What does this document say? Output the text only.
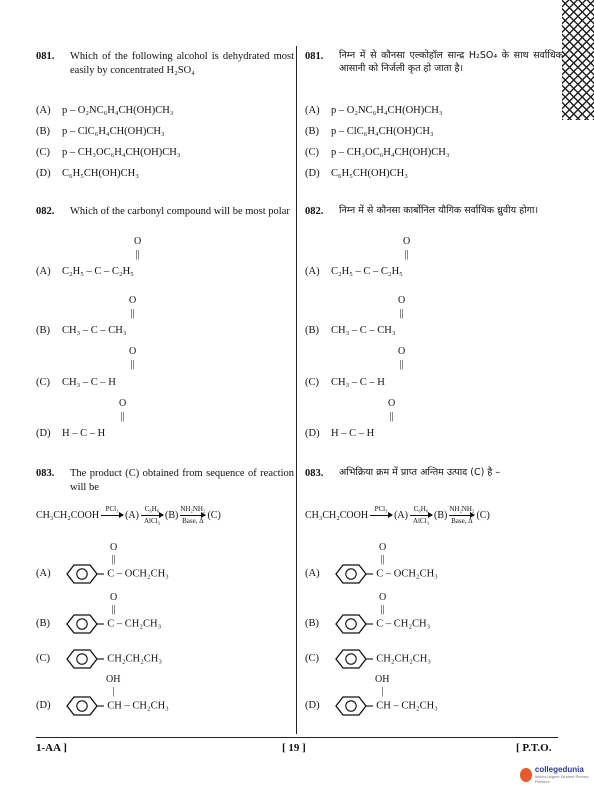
081.	Which of the following alcohol is dehydrated most easily by concentrated H₂SO₄
(A) p – O₂NC₆H₄CH(OH)CH₃
(B) p – ClC₆H₄CH(OH)CH₃
(C) p – CH₃OC₆H₄CH(OH)CH₃
(D) C₆H₅CH(OH)CH₃
082.	Which of the carbonyl compound will be most polar
O
||
(A) C₂H₅ – C – C₂H₅
O
||
(B) CH₃ – C – CH₃
O
||
(C) CH₃ – C – H
O
||
(D) H – C – H
083.	The product (C) obtained from sequence of reaction will be
CH₃CH₂COOH
PCl₃

(A)
C₆H₆
AlCl₃
(B)
NH₂NH₂
Base, Δ
(C)
O
||
(A)	C – OCH₂CH₃
O
||
(B)	C – CH₂CH₃
(C)	CH₂CH₂CH₃
OH
|
(D)	CH – CH₂CH₃
081.	निम्न में से कौनसा एल्कोहॉल सान्द्र H₂SO₄ के साथ सर्वाधिक आसानी को निर्जली कृत हो जाता है।
(A) p – O₂NC₆H₄CH(OH)CH₃
(B) p – ClC₆H₄CH(OH)CH₃
(C) p – CH₃OC₆H₄CH(OH)CH₃
(D) C₆H₅CH(OH)CH₃
082.	निम्न में से कौनसा कार्बोनिल यौगिक सर्वाधिक ध्रुवीय होगा।
O
||
(A) C₂H₅ – C – C₂H₅
O
||
(B) CH₃ – C – CH₃
O
||
(C) CH₃ – C – H
O
||
(D) H – C – H
083.	अभिक्रिया क्रम में प्राप्त अन्तिम उत्पाद (C) है –
CH₃CH₂COOH
PCl₃

(A)
C₆H₆
AlCl₃
(B)
NH₂NH₂
Base, Δ
(C)
O
||
(A)	C – OCH₂CH₃
O
||
(B)	C – CH₂CH₃
(C)	CH₂CH₂CH₃
OH
|
(D)	CH – CH₂CH₃
1-AA ]	[ 19 ]	[ P.T.O.
collegedunia
India's largest Student Review Platform
